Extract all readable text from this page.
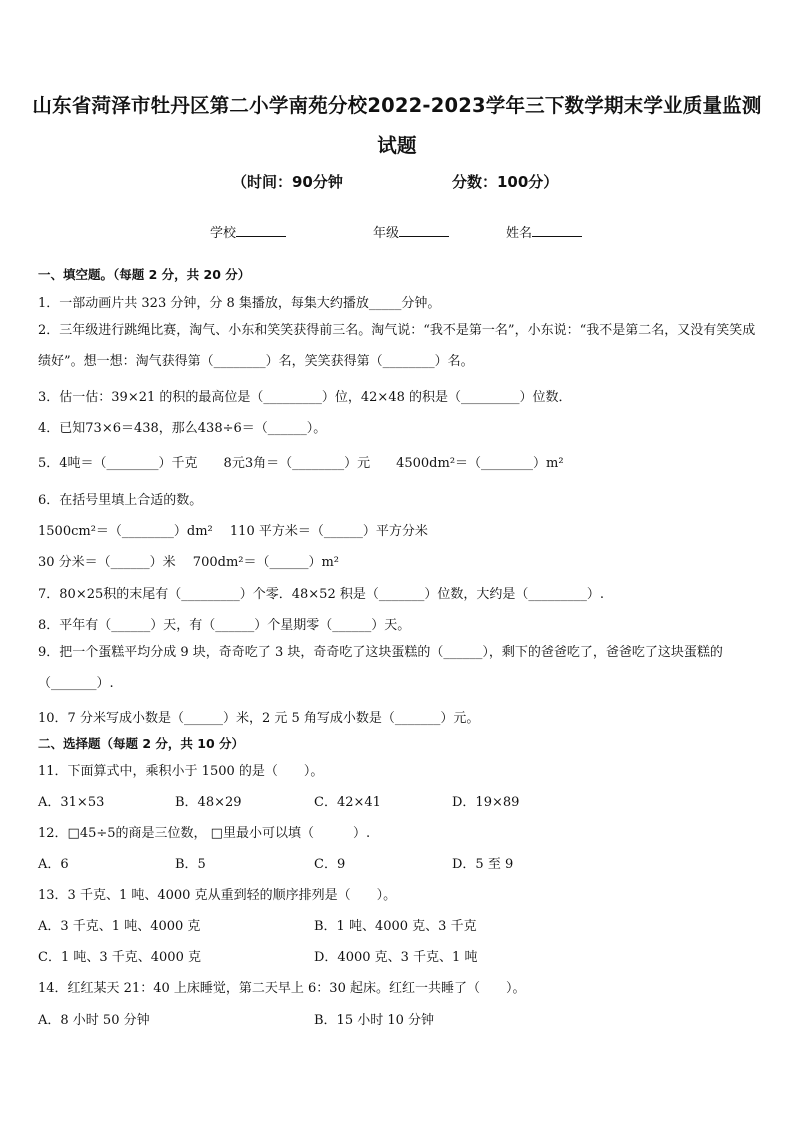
山东省菏泽市牡丹区第二小学南苑分校2022-2023学年三下数学期末学业质量监测试题
（时间：90分钟	分数：100分）
学校	年级	姓名
一、填空题。（每题 2 分，共 20 分）
1．一部动画片共 323 分钟，分 8 集播放，每集大约播放_____分钟。
2．三年级进行跳绳比赛，淘气、小东和笑笑获得前三名。淘气说：“我不是第一名”，小东说：“我不是第二名，又没有笑笑成绩好”。想一想：淘气获得第（________）名，笑笑获得第（________）名。
3．估一估：39×21 的积的最高位是（_________）位，42×48 的积是（_________）位数．
4．已知73×6＝438，那么438÷6＝（______）。
5．4吨＝（________）千克　　8元3角＝（________）元　　4500dm²＝（________）m²
6．在括号里填上合适的数。
1500cm²＝（________）dm²　 110 平方米＝（______）平方分米
30 分米＝（______）米　 700dm²＝（______）m²
7．80×25积的末尾有（_________）个零．48×52 积是（_______）位数，大约是（_________）.
8．平年有（______）天，有（______）个星期零（______）天。
9．把一个蛋糕平均分成 9 块，奇奇吃了 3 块，奇奇吃了这块蛋糕的（______），剩下的爸爸吃了，爸爸吃了这块蛋糕的（_______）.
10．7 分米写成小数是（______）米，2 元 5 角写成小数是（_______）元。
二、选择题（每题 2 分，共 10 分）
11．下面算式中，乘积小于 1500 的是（　　）。
A．31×53	B．48×29	C．42×41	D．19×89
12．□45÷5的商是三位数， □里最小可以填（　　　）.
A．6	B．5	C．9	D．5 至 9
13．3 千克、1 吨、4000 克从重到轻的顺序排列是（　　）。
A．3 千克、1 吨、4000 克	B．1 吨、4000 克、3 千克
C．1 吨、3 千克、4000 克	D．4000 克、3 千克、1 吨
14．红红某天 21：40 上床睡觉，第二天早上 6：30 起床。红红一共睡了（　　）。
A．8 小时 50 分钟	B．15 小时 10 分钟
